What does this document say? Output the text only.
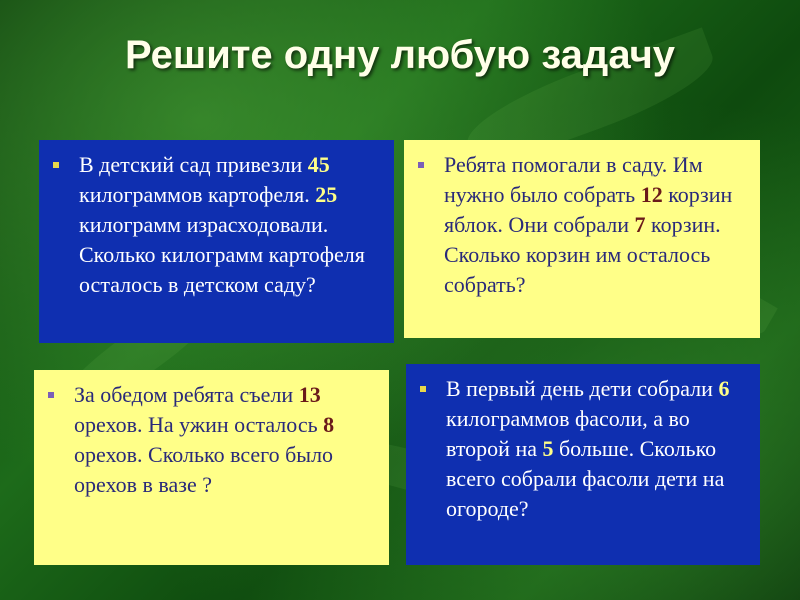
Решите одну любую задачу
В детский сад привезли 45 килограммов картофеля. 25 килограмм израсходовали. Сколько килограмм картофеля осталось в детском саду?
Ребята помогали в саду. Им нужно было собрать 12 корзин яблок. Они собрали 7 корзин. Сколько корзин им осталось собрать?
За обедом ребята съели 13 орехов. На ужин осталось 8 орехов. Сколько всего было орехов в вазе ?
В первый день дети собрали 6 килограммов фасоли, а во второй на 5 больше. Сколько всего собрали фасоли дети на огороде?
